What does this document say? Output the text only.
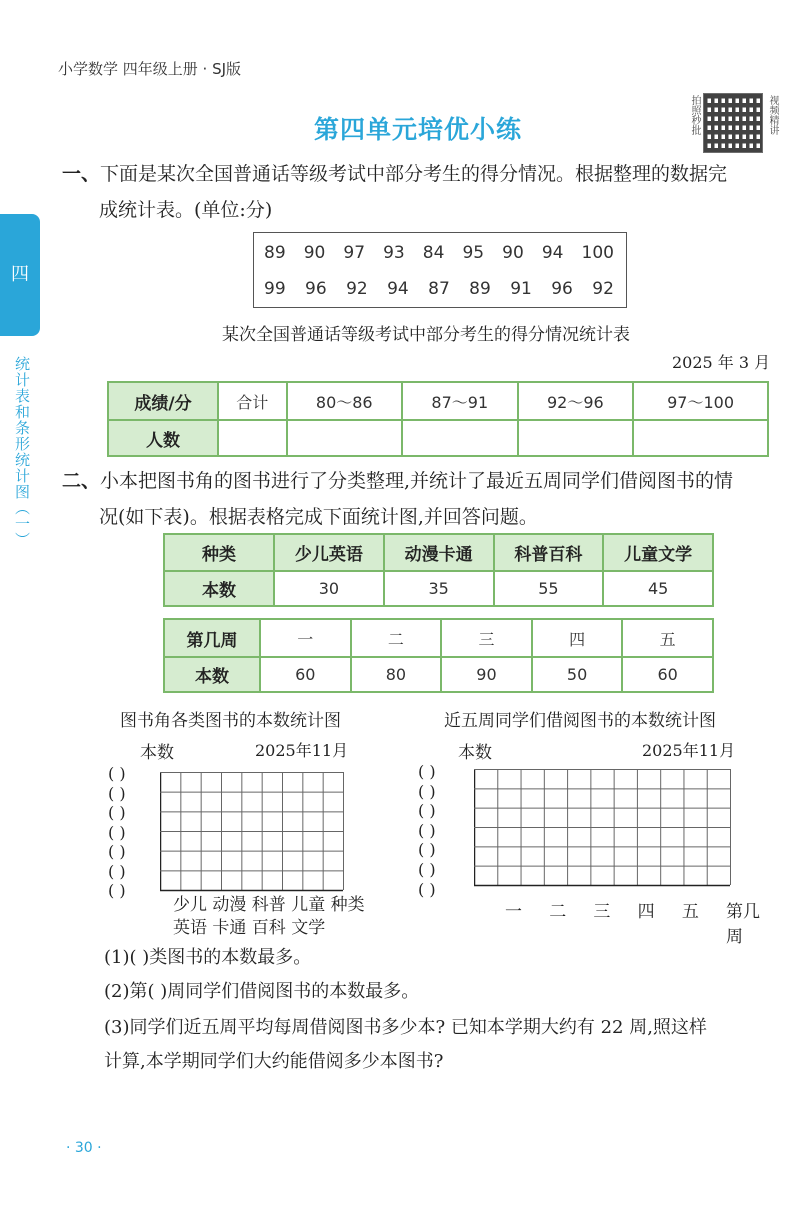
小学数学 四年级上册 · SJ版
第四单元培优小练	拍照秒批	视频精讲
四
统计表和条形统计图（一）
一、下面是某次全国普通话等级考试中部分考生的得分情况。根据整理的数据完
成统计表。(单位:分)
89 90 97 93 84 95 90 94 100
99 96 92 94 87 89 91 96 92
某次全国普通话等级考试中部分考生的得分情况统计表
2025 年 3 月
成绩/分	合计	80～86	87～91	92～96	97～100
人数					
二、小本把图书角的图书进行了分类整理,并统计了最近五周同学们借阅图书的情
况(如下表)。根据表格完成下面统计图,并回答问题。
种类	少儿英语	动漫卡通	科普百科	儿童文学
本数	30	35	55	45
第几周	一	二	三	四	五
本数	60	80	90	50	60
图书角各类图书的本数统计图
本数	2025年11月
( )
( )
( )
( )
( )
( )
( )
少儿 动漫 科普 儿童 种类
英语 卡通 百科 文学
近五周同学们借阅图书的本数统计图
本数	2025年11月
( )
( )
( )
( )
( )
( )
( )
一	二	三	四	五	第几周
(1)( )类图书的本数最多。
(2)第( )周同学们借阅图书的本数最多。
(3)同学们近五周平均每周借阅图书多少本? 已知本学期大约有 22 周,照这样
计算,本学期同学们大约能借阅多少本图书?
· 30 ·
